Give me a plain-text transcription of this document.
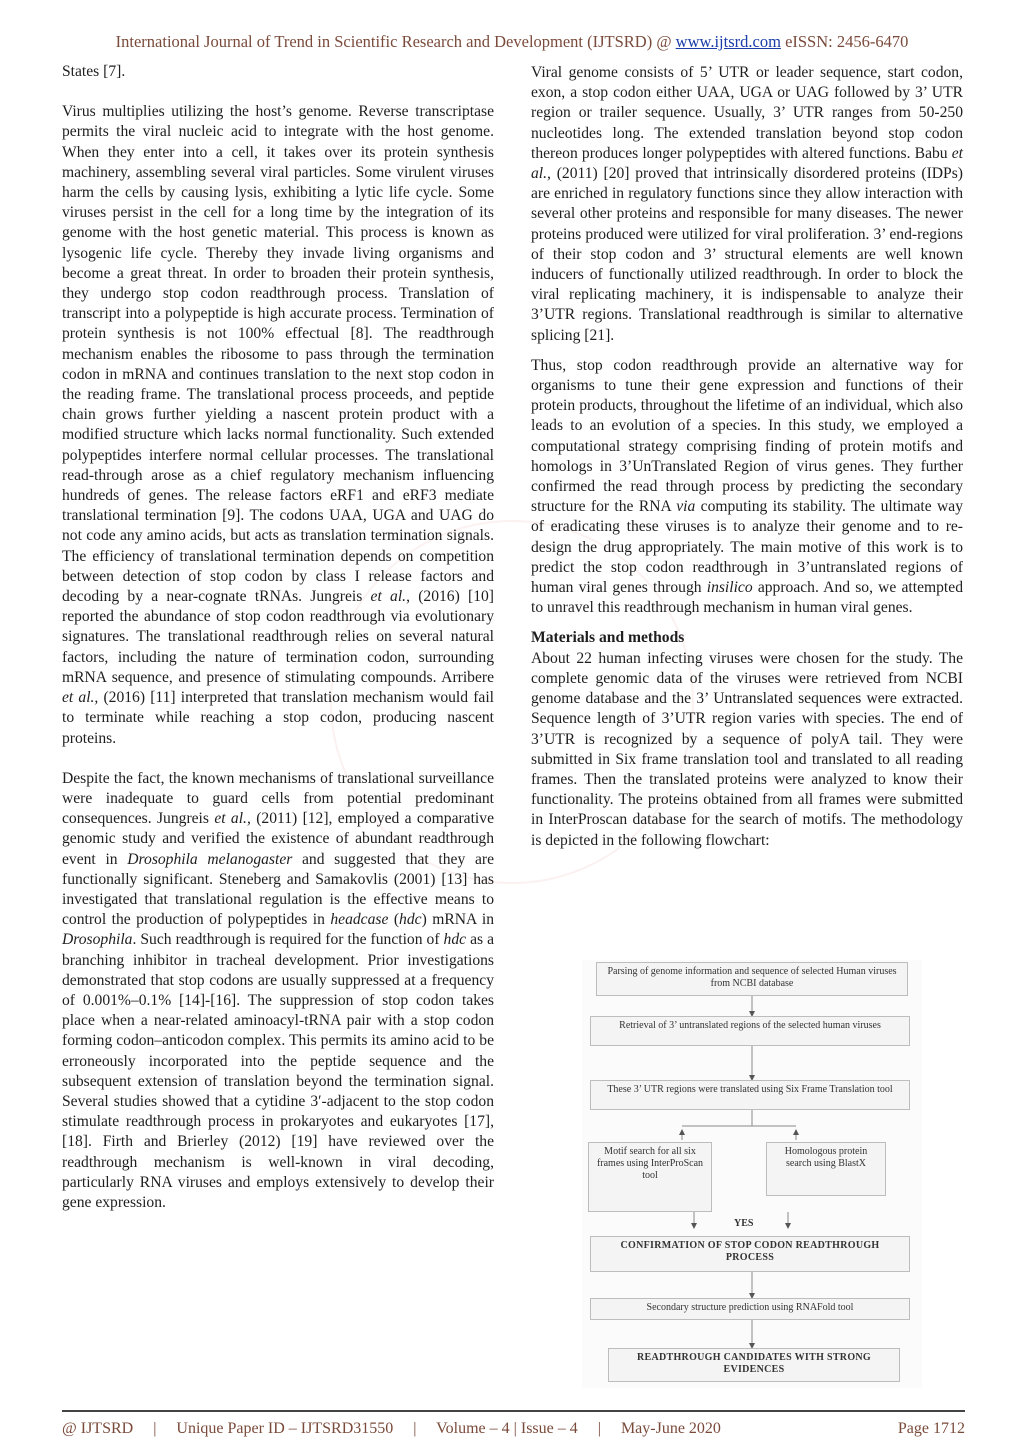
International Journal of Trend in Scientific Research and Development (IJTSRD) @ www.ijtsrd.com eISSN: 2456-6470

States [7].

Virus multiplies utilizing the host’s genome. Reverse transcriptase permits the viral nucleic acid to integrate with the host genome. When they enter into a cell, it takes over its protein synthesis machinery, assembling several viral particles. Some virulent viruses harm the cells by causing lysis, exhibiting a lytic life cycle. Some viruses persist in the cell for a long time by the integration of its genome with the host genetic material. This process is known as lysogenic life cycle. Thereby they invade living organisms and become a great threat. In order to broaden their protein synthesis, they undergo stop codon readthrough process. Translation of transcript into a polypeptide is high accurate process. Termination of protein synthesis is not 100% effectual [8]. The readthrough mechanism enables the ribosome to pass through the termination codon in mRNA and continues translation to the next stop codon in the reading frame. The translational process proceeds, and peptide chain grows further yielding a nascent protein product with a modified structure which lacks normal functionality. Such extended polypeptides interfere normal cellular processes. The translational read-through arose as a chief regulatory mechanism influencing hundreds of genes. The release factors eRF1 and eRF3 mediate translational termination [9]. The codons UAA, UGA and UAG do not code any amino acids, but acts as translation termination signals. The efficiency of translational termination depends on competition between detection of stop codon by class I release factors and decoding by a near-cognate tRNAs. Jungreis et al., (2016) [10] reported the abundance of stop codon readthrough via evolutionary signatures. The translational readthrough relies on several natural factors, including the nature of termination codon, surrounding mRNA sequence, and presence of stimulating compounds. Arribere et al., (2016) [11] interpreted that translation mechanism would fail to terminate while reaching a stop codon, producing nascent proteins.

Despite the fact, the known mechanisms of translational surveillance were inadequate to guard cells from potential predominant consequences. Jungreis et al., (2011) [12], employed a comparative genomic study and verified the existence of abundant readthrough event in Drosophila melanogaster and suggested that they are functionally significant. Steneberg and Samakovlis (2001) [13] has investigated that translational regulation is the effective means to control the production of polypeptides in headcase (hdc) mRNA in Drosophila. Such readthrough is required for the function of hdc as a branching inhibitor in tracheal development. Prior investigations demonstrated that stop codons are usually suppressed at a frequency of 0.001%–0.1% [14]-[16]. The suppression of stop codon takes place when a near-related aminoacyl-tRNA pair with a stop codon forming codon–anticodon complex. This permits its amino acid to be erroneously incorporated into the peptide sequence and the subsequent extension of translation beyond the termination signal. Several studies showed that a cytidine 3′-adjacent to the stop codon stimulate readthrough process in prokaryotes and eukaryotes [17], [18]. Firth and Brierley (2012) [19] have reviewed over the readthrough mechanism is well-known in viral decoding, particularly RNA viruses and employs extensively to develop their gene expression.

Viral genome consists of 5’ UTR or leader sequence, start codon, exon, a stop codon either UAA, UGA or UAG followed by 3’ UTR region or trailer sequence. Usually, 3’ UTR ranges from 50-250 nucleotides long. The extended translation beyond stop codon thereon produces longer polypeptides with altered functions. Babu et al., (2011) [20] proved that intrinsically disordered proteins (IDPs) are enriched in regulatory functions since they allow interaction with several other proteins and responsible for many diseases. The newer proteins produced were utilized for viral proliferation. 3’ end-regions of their stop codon and 3’ structural elements are well known inducers of functionally utilized readthrough. In order to block the viral replicating machinery, it is indispensable to analyze their 3’UTR regions. Translational readthrough is similar to alternative splicing [21].

Thus, stop codon readthrough provide an alternative way for organisms to tune their gene expression and functions of their protein products, throughout the lifetime of an individual, which also leads to an evolution of a species. In this study, we employed a computational strategy comprising finding of protein motifs and homologs in 3’UnTranslated Region of virus genes. They further confirmed the read through process by predicting the secondary structure for the RNA via computing its stability. The ultimate way of eradicating these viruses is to analyze their genome and to re-design the drug appropriately. The main motive of this work is to predict the stop codon readthrough in 3’untranslated regions of human viral genes through insilico approach. And so, we attempted to unravel this readthrough mechanism in human viral genes.

Materials and methods

About 22 human infecting viruses were chosen for the study. The complete genomic data of the viruses were retrieved from NCBI genome database and the 3’ Untranslated sequences were extracted. Sequence length of 3’UTR region varies with species. The end of 3’UTR is recognized by a sequence of polyA tail. They were submitted in Six frame translation tool and translated to all reading frames. Then the translated proteins were analyzed to know their functionality. The proteins obtained from all frames were submitted in InterProscan database for the search of motifs. The methodology is depicted in the following flowchart:

Parsing of genome information and sequence of selected Human viruses from NCBI database
Retrieval of 3’ untranslated regions of the selected human viruses
These 3’ UTR regions were translated using Six Frame Translation tool
Motif search for all six frames using InterProScan tool
Homologous protein search using BlastX
YES
CONFIRMATION OF STOP CODON READTHROUGH PROCESS
Secondary structure prediction using RNAFold tool
READTHROUGH CANDIDATES WITH STRONG EVIDENCES
@ IJTSRD     |     Unique Paper ID – IJTSRD31550     |     Volume – 4 | Issue – 4     |     May-June 2020	Page 1712
